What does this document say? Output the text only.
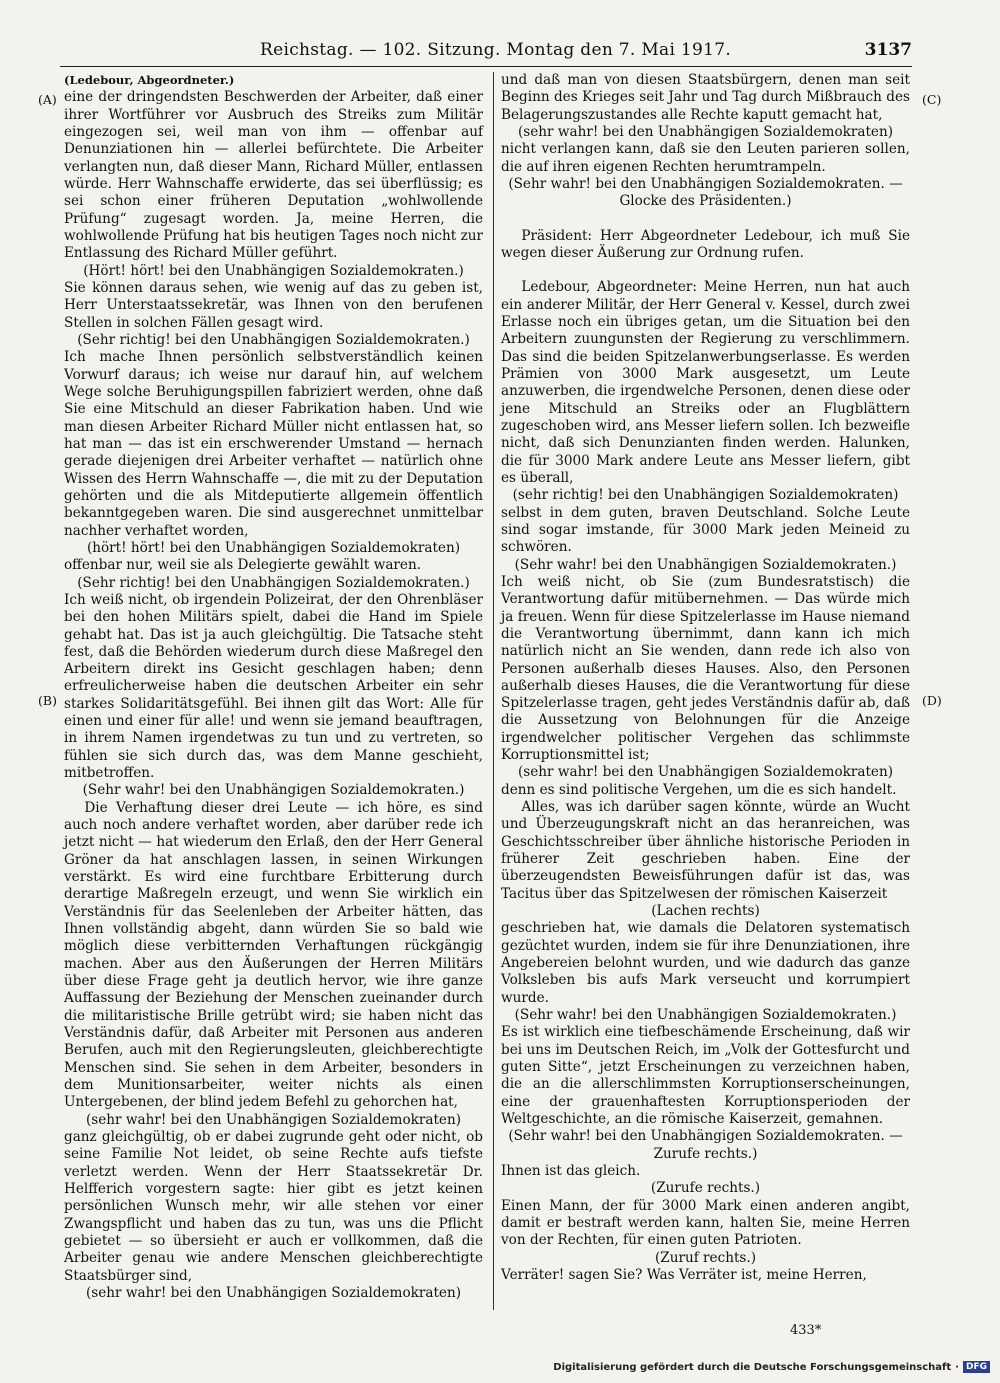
Reichstag. — 102. Sitzung. Montag den 7. Mai 1917.	3137
(A)
(B)
(C)
(D)

(Ledebour, Abgeordneter.)

eine der dringendsten Beschwerden der Arbeiter, daß einer ihrer Wortführer vor Ausbruch des Streiks zum Militär eingezogen sei, weil man von ihm — offenbar auf Denunziationen hin — allerlei befürchtete. Die Arbeiter verlangten nun, daß dieser Mann, Richard Müller, entlassen würde. Herr Wahnschaffe erwiderte, das sei überflüssig; es sei schon einer früheren Deputation „wohlwollende Prüfung“ zugesagt worden. Ja, meine Herren, die wohlwollende Prüfung hat bis heutigen Tages noch nicht zur Entlassung des Richard Müller geführt.

(Hört! hört! bei den Unabhängigen Sozialdemokraten.)

Sie können daraus sehen, wie wenig auf das zu geben ist, Herr Unterstaatssekretär, was Ihnen von den berufenen Stellen in solchen Fällen gesagt wird.

(Sehr richtig! bei den Unabhängigen Sozialdemokraten.)

Ich mache Ihnen persönlich selbstverständlich keinen Vorwurf daraus; ich weise nur darauf hin, auf welchem Wege solche Beruhigungspillen fabriziert werden, ohne daß Sie eine Mitschuld an dieser Fabrikation haben. Und wie man diesen Arbeiter Richard Müller nicht entlassen hat, so hat man — das ist ein erschwerender Umstand — hernach gerade diejenigen drei Arbeiter verhaftet — natürlich ohne Wissen des Herrn Wahnschaffe —, die mit zu der Deputation gehörten und die als Mitdeputierte allgemein öffentlich bekanntgegeben waren. Die sind ausgerechnet unmittelbar nachher verhaftet worden,

(hört! hört! bei den Unabhängigen Sozialdemokraten)

offenbar nur, weil sie als Delegierte gewählt waren.

(Sehr richtig! bei den Unabhängigen Sozialdemokraten.)

Ich weiß nicht, ob irgendein Polizeirat, der den Ohrenbläser bei den hohen Militärs spielt, dabei die Hand im Spiele gehabt hat. Das ist ja auch gleichgültig. Die Tatsache steht fest, daß die Behörden wiederum durch diese Maßregel den Arbeitern direkt ins Gesicht geschlagen haben; denn erfreulicherweise haben die deutschen Arbeiter ein sehr starkes Solidaritätsgefühl. Bei ihnen gilt das Wort: Alle für einen und einer für alle! und wenn sie jemand beauftragen, in ihrem Namen irgendetwas zu tun und zu vertreten, so fühlen sie sich durch das, was dem Manne geschieht, mitbetroffen.

(Sehr wahr! bei den Unabhängigen Sozialdemokraten.)

Die Verhaftung dieser drei Leute — ich höre, es sind auch noch andere verhaftet worden, aber darüber rede ich jetzt nicht — hat wiederum den Erlaß, den der Herr General Gröner da hat anschlagen lassen, in seinen Wirkungen verstärkt. Es wird eine furchtbare Erbitterung durch derartige Maßregeln erzeugt, und wenn Sie wirklich ein Verständnis für das Seelenleben der Arbeiter hätten, das Ihnen vollständig abgeht, dann würden Sie so bald wie möglich diese verbitternden Verhaftungen rückgängig machen. Aber aus den Äußerungen der Herren Militärs über diese Frage geht ja deutlich hervor, wie ihre ganze Auffassung der Beziehung der Menschen zueinander durch die militaristische Brille getrübt wird; sie haben nicht das Verständnis dafür, daß Arbeiter mit Personen aus anderen Berufen, auch mit den Regierungsleuten, gleichberechtigte Menschen sind. Sie sehen in dem Arbeiter, besonders in dem Munitionsarbeiter, weiter nichts als einen Untergebenen, der blind jedem Befehl zu gehorchen hat,

(sehr wahr! bei den Unabhängigen Sozialdemokraten)

ganz gleichgültig, ob er dabei zugrunde geht oder nicht, ob seine Familie Not leidet, ob seine Rechte aufs tiefste verletzt werden. Wenn der Herr Staatssekretär Dr. Helfferich vorgestern sagte: hier gibt es jetzt keinen persönlichen Wunsch mehr, wir alle stehen vor einer Zwangspflicht und haben das zu tun, was uns die Pflicht gebietet — so übersieht er auch er vollkommen, daß die Arbeiter genau wie andere Menschen gleichberechtigte Staatsbürger sind,

(sehr wahr! bei den Unabhängigen Sozialdemokraten)

und daß man von diesen Staatsbürgern, denen man seit Beginn des Krieges seit Jahr und Tag durch Mißbrauch des Belagerungszustandes alle Rechte kaputt gemacht hat,

(sehr wahr! bei den Unabhängigen Sozialdemokraten)

nicht verlangen kann, daß sie den Leuten parieren sollen, die auf ihren eigenen Rechten herumtrampeln.

(Sehr wahr! bei den Unabhängigen Sozialdemokraten. — Glocke des Präsidenten.)

Präsident: Herr Abgeordneter Ledebour, ich muß Sie wegen dieser Äußerung zur Ordnung rufen.

Ledebour, Abgeordneter: Meine Herren, nun hat auch ein anderer Militär, der Herr General v. Kessel, durch zwei Erlasse noch ein übriges getan, um die Situation bei den Arbeitern zuungunsten der Regierung zu verschlimmern. Das sind die beiden Spitzelanwerbungserlasse. Es werden Prämien von 3000 Mark ausgesetzt, um Leute anzuwerben, die irgendwelche Personen, denen diese oder jene Mitschuld an Streiks oder an Flugblättern zugeschoben wird, ans Messer liefern sollen. Ich bezweifle nicht, daß sich Denunzianten finden werden. Halunken, die für 3000 Mark andere Leute ans Messer liefern, gibt es überall,

(sehr richtig! bei den Unabhängigen Sozialdemokraten)

selbst in dem guten, braven Deutschland. Solche Leute sind sogar imstande, für 3000 Mark jeden Meineid zu schwören.

(Sehr wahr! bei den Unabhängigen Sozialdemokraten.)

Ich weiß nicht, ob Sie (zum Bundesratstisch) die Verantwortung dafür mitübernehmen. — Das würde mich ja freuen. Wenn für diese Spitzelerlasse im Hause niemand die Verantwortung übernimmt, dann kann ich mich natürlich nicht an Sie wenden, dann rede ich also von Personen außerhalb dieses Hauses. Also, den Personen außerhalb dieses Hauses, die die Verantwortung für diese Spitzelerlasse tragen, geht jedes Verständnis dafür ab, daß die Aussetzung von Belohnungen für die Anzeige irgendwelcher politischer Vergehen das schlimmste Korruptionsmittel ist;

(sehr wahr! bei den Unabhängigen Sozialdemokraten)

denn es sind politische Vergehen, um die es sich handelt.

Alles, was ich darüber sagen könnte, würde an Wucht und Überzeugungskraft nicht an das heranreichen, was Geschichtsschreiber über ähnliche historische Perioden in früherer Zeit geschrieben haben. Eine der überzeugendsten Beweisführungen dafür ist das, was Tacitus über das Spitzelwesen der römischen Kaiserzeit

(Lachen rechts)

geschrieben hat, wie damals die Delatoren systematisch gezüchtet wurden, indem sie für ihre Denunziationen, ihre Angebereien belohnt wurden, und wie dadurch das ganze Volksleben bis aufs Mark verseucht und korrumpiert wurde.

(Sehr wahr! bei den Unabhängigen Sozialdemokraten.)

Es ist wirklich eine tiefbeschämende Erscheinung, daß wir bei uns im Deutschen Reich, im „Volk der Gottesfurcht und guten Sitte“, jetzt Erscheinungen zu verzeichnen haben, die an die allerschlimmsten Korruptionserscheinungen, eine der grauenhaftesten Korruptionsperioden der Weltgeschichte, an die römische Kaiserzeit, gemahnen.

(Sehr wahr! bei den Unabhängigen Sozialdemokraten. — Zurufe rechts.)

Ihnen ist das gleich.

(Zurufe rechts.)

Einen Mann, der für 3000 Mark einen anderen angibt, damit er bestraft werden kann, halten Sie, meine Herren von der Rechten, für einen guten Patrioten.

(Zuruf rechts.)

Verräter! sagen Sie? Was Verräter ist, meine Herren,

433*
Digitalisierung gefördert durch die Deutsche Forschungsgemeinschaft · DFG
